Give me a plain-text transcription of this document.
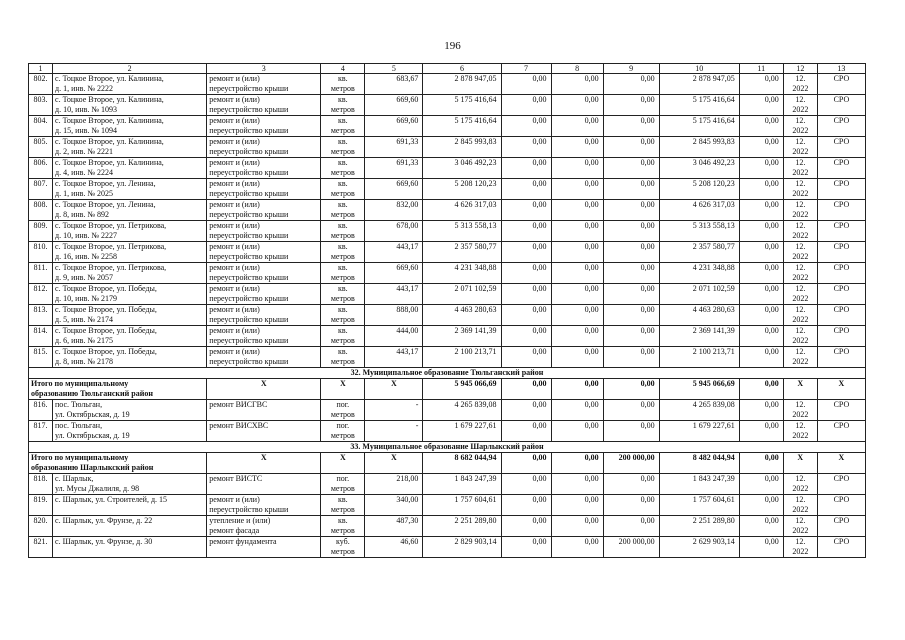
196
1	2	3	4	5	6	7	8	9	10	11	12	13
802.	с. Тоцкое Второе, ул. Калинина,
д. 1, инв. № 2222	ремонт и (или)
переустройство крыши	кв.
метров	683,67	2 878 947,05	0,00	0,00	0,00	2 878 947,05	0,00	12.
2022	СРО
803.	с. Тоцкое Второе, ул. Калинина,
д. 10, инв. № 1093	ремонт и (или)
переустройство крыши	кв.
метров	669,60	5 175 416,64	0,00	0,00	0,00	5 175 416,64	0,00	12.
2022	СРО
804.	с. Тоцкое Второе, ул. Калинина,
д. 15, инв. № 1094	ремонт и (или)
переустройство крыши	кв.
метров	669,60	5 175 416,64	0,00	0,00	0,00	5 175 416,64	0,00	12.
2022	СРО
805.	с. Тоцкое Второе, ул. Калинина,
д. 2, инв. № 2221	ремонт и (или)
переустройство крыши	кв.
метров	691,33	2 845 993,83	0,00	0,00	0,00	2 845 993,83	0,00	12.
2022	СРО
806.	с. Тоцкое Второе, ул. Калинина,
д. 4, инв. № 2224	ремонт и (или)
переустройство крыши	кв.
метров	691,33	3 046 492,23	0,00	0,00	0,00	3 046 492,23	0,00	12.
2022	СРО
807.	с. Тоцкое Второе, ул. Ленина,
д. 1, инв. № 2025	ремонт и (или)
переустройство крыши	кв.
метров	669,60	5 208 120,23	0,00	0,00	0,00	5 208 120,23	0,00	12.
2022	СРО
808.	с. Тоцкое Второе, ул. Ленина,
д. 8, инв. № 892	ремонт и (или)
переустройство крыши	кв.
метров	832,00	4 626 317,03	0,00	0,00	0,00	4 626 317,03	0,00	12.
2022	СРО
809.	с. Тоцкое Второе, ул. Петрикова,
д. 10, инв. № 2227	ремонт и (или)
переустройство крыши	кв.
метров	678,00	5 313 558,13	0,00	0,00	0,00	5 313 558,13	0,00	12.
2022	СРО
810.	с. Тоцкое Второе, ул. Петрикова,
д. 16, инв. № 2258	ремонт и (или)
переустройство крыши	кв.
метров	443,17	2 357 580,77	0,00	0,00	0,00	2 357 580,77	0,00	12.
2022	СРО
811.	с. Тоцкое Второе, ул. Петрикова,
д. 9, инв. № 2057	ремонт и (или)
переустройство крыши	кв.
метров	669,60	4 231 348,88	0,00	0,00	0,00	4 231 348,88	0,00	12.
2022	СРО
812.	с. Тоцкое Второе, ул. Победы,
д. 10, инв. № 2179	ремонт и (или)
переустройство крыши	кв.
метров	443,17	2 071 102,59	0,00	0,00	0,00	2 071 102,59	0,00	12.
2022	СРО
813.	с. Тоцкое Второе, ул. Победы,
д. 5, инв. № 2174	ремонт и (или)
переустройство крыши	кв.
метров	888,00	4 463 280,63	0,00	0,00	0,00	4 463 280,63	0,00	12.
2022	СРО
814.	с. Тоцкое Второе, ул. Победы,
д. 6, инв. № 2175	ремонт и (или)
переустройство крыши	кв.
метров	444,00	2 369 141,39	0,00	0,00	0,00	2 369 141,39	0,00	12.
2022	СРО
815.	с. Тоцкое Второе, ул. Победы,
д. 8, инв. № 2178	ремонт и (или)
переустройство крыши	кв.
метров	443,17	2 100 213,71	0,00	0,00	0,00	2 100 213,71	0,00	12.
2022	СРО
32. Муниципальное образование Тюльганский район												
Итого по муниципальному
образованию Тюльганский район		Х	Х	Х	5 945 066,69	0,00	0,00	0,00	5 945 066,69	0,00	Х	Х
816.	пос. Тюльган,
ул. Октябрьская, д. 19	ремонт ВИСГВС	пог.
метров	-	4 265 839,08	0,00	0,00	0,00	4 265 839,08	0,00	12.
2022	СРО
817.	пос. Тюльган,
ул. Октябрьская, д. 19	ремонт ВИСХВС	пог.
метров	-	1 679 227,61	0,00	0,00	0,00	1 679 227,61	0,00	12.
2022	СРО
33. Муниципальное образование Шарлыкский район												
Итого по муниципальному
образованию Шарлыкский район		Х	Х	Х	8 682 044,94	0,00	0,00	200 000,00	8 482 044,94	0,00	Х	Х
818.	с. Шарлык,
ул. Мусы Джалиля, д. 98	ремонт ВИСТС	пог.
метров	218,00	1 843 247,39	0,00	0,00	0,00	1 843 247,39	0,00	12.
2022	СРО
819.	с. Шарлык, ул. Строителей, д. 15	ремонт и (или)
переустройство крыши	кв.
метров	340,00	1 757 604,61	0,00	0,00	0,00	1 757 604,61	0,00	12.
2022	СРО
820.	с. Шарлык, ул. Фрунзе, д. 22	утепление и (или)
ремонт фасада	кв.
метров	487,30	2 251 289,80	0,00	0,00	0,00	2 251 289,80	0,00	12.
2022	СРО
821.	с. Шарлык, ул. Фрунзе, д. 30	ремонт фундамента	куб.
метров	46,60	2 829 903,14	0,00	0,00	200 000,00	2 629 903,14	0,00	12.
2022	СРО
